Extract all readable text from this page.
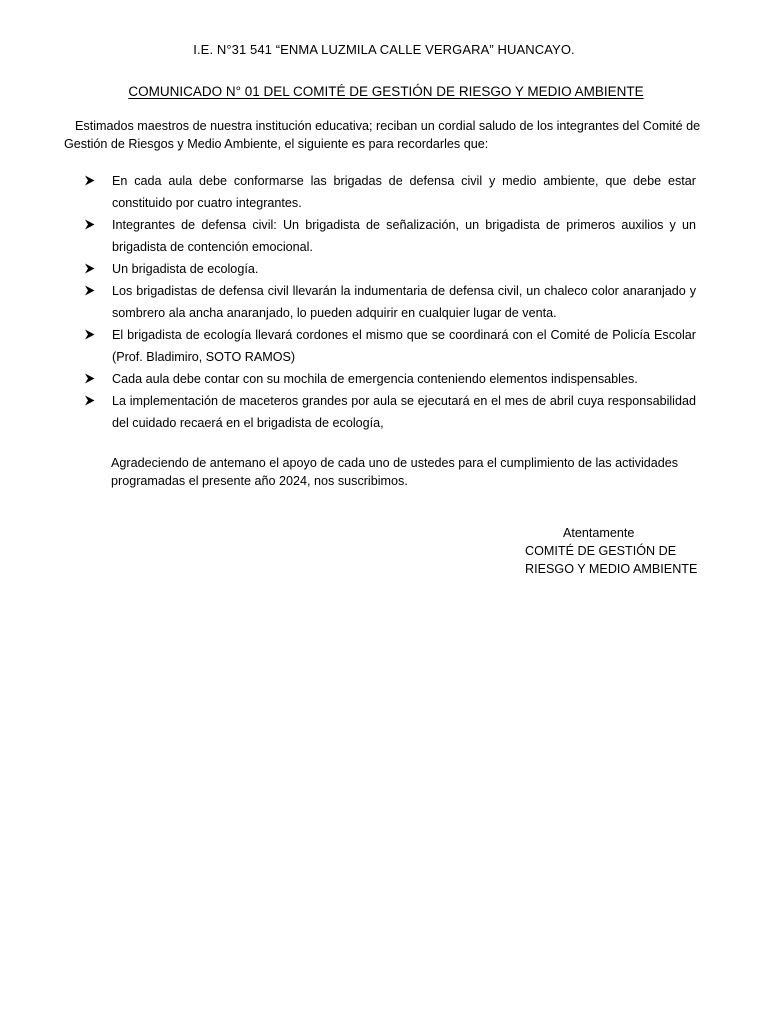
I.E. N°31 541 “ENMA LUZMILA CALLE VERGARA” HUANCAYO.
COMUNICADO N° 01 DEL COMITÉ DE GESTIÓN DE RIESGO Y MEDIO AMBIENTE
Estimados maestros de nuestra institución educativa; reciban un cordial saludo de los integrantes del Comité de Gestión de Riesgos y Medio Ambiente, el siguiente es para recordarles que:
En cada aula debe conformarse las brigadas de defensa civil y medio ambiente, que debe estar constituido por cuatro integrantes.
Integrantes de defensa civil: Un brigadista de señalización, un brigadista de primeros auxilios y un brigadista de contención emocional.
Un brigadista de ecología.
Los brigadistas de defensa civil llevarán la indumentaria de defensa civil, un chaleco color anaranjado y sombrero ala ancha anaranjado, lo pueden adquirir en cualquier lugar de venta.
El brigadista de ecología llevará cordones el mismo que se coordinará con el Comité de Policía Escolar (Prof. Bladimiro, SOTO RAMOS)
Cada aula debe contar con su mochila de emergencia conteniendo elementos indispensables.
La implementación de maceteros grandes por aula se ejecutará en el mes de abril cuya responsabilidad del cuidado recaerá en el brigadista de ecología,
Agradeciendo de antemano el apoyo de cada uno de ustedes para el cumplimiento de las actividades programadas el presente año 2024, nos suscribimos.
Atentamente
COMITÉ DE GESTIÓN DE
RIESGO Y MEDIO AMBIENTE
